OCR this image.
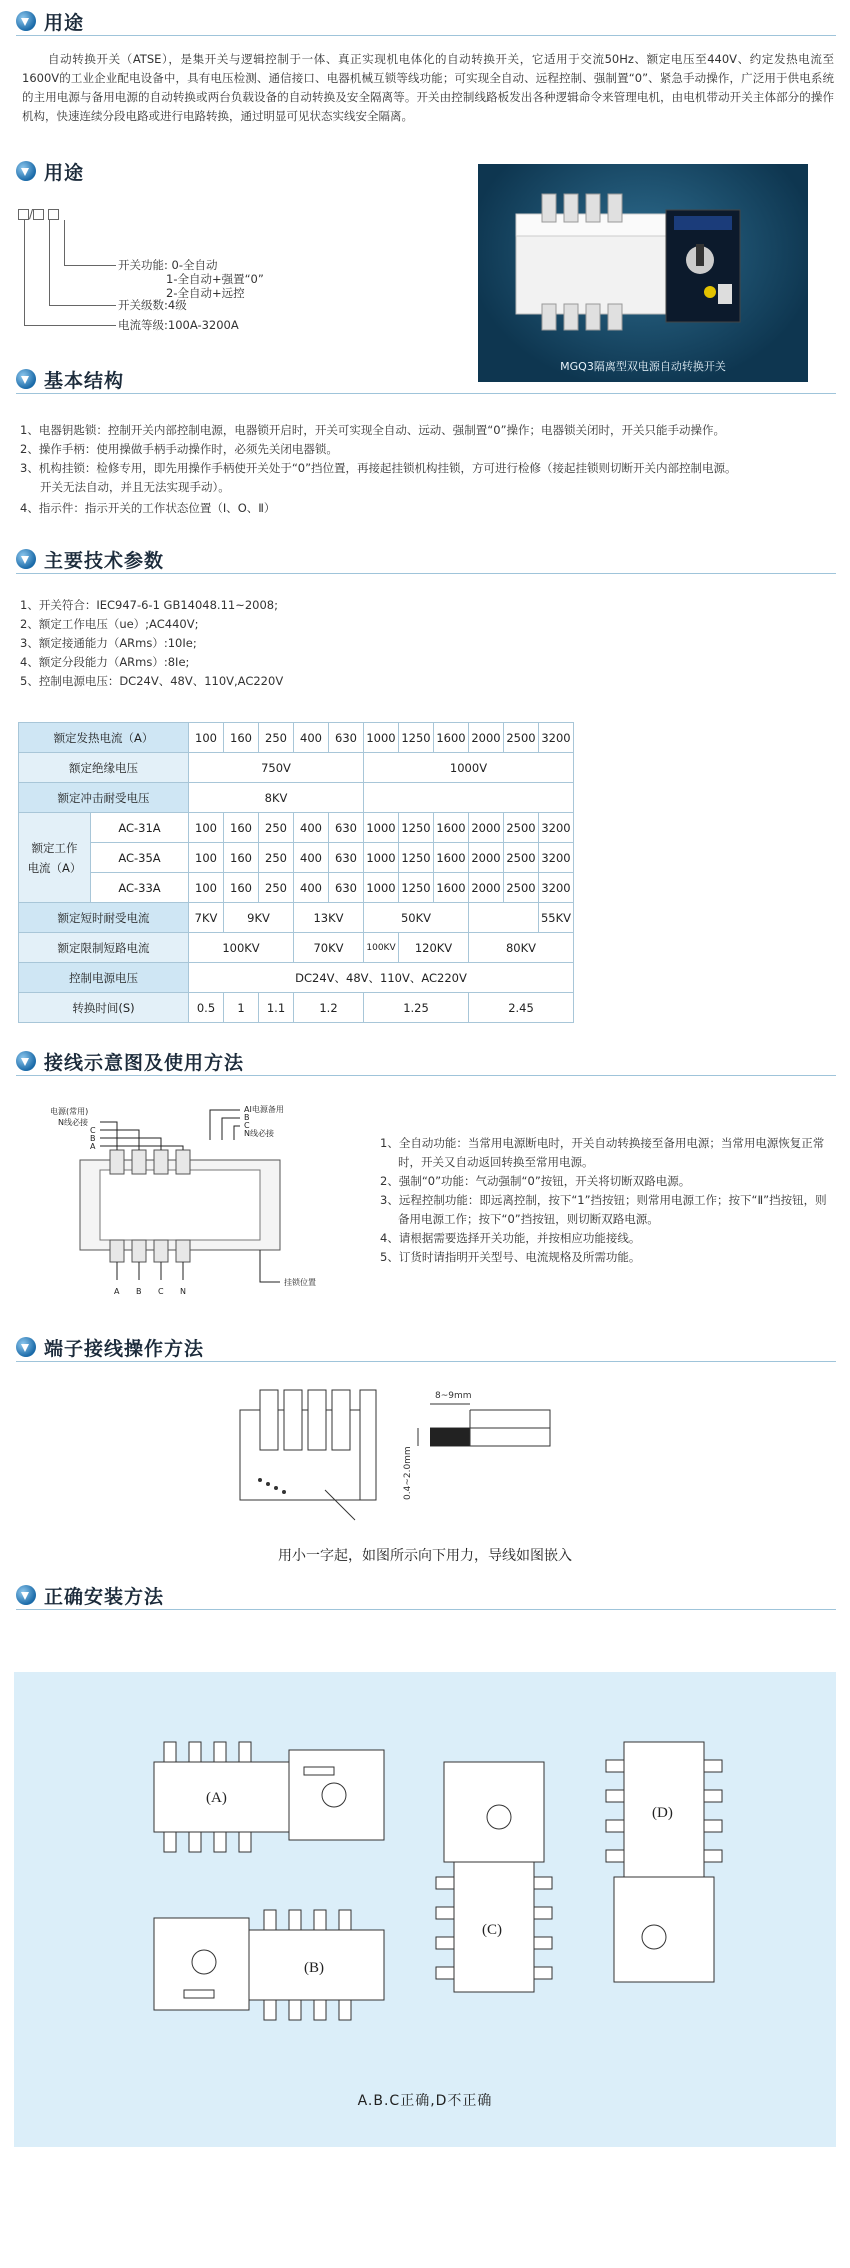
用途
自动转换开关（ATSE），是集开关与逻辑控制于一体、真正实现机电体化的自动转换开关，它适用于交流50Hz、额定电压至440V、约定发热电流至1600V的工业企业配电设备中，具有电压检测、通信接口、电器机械互锁等线功能；可实现全自动、远程控制、强制置“0”、紧急手动操作，广泛用于供电系统的主用电源与备用电源的自动转换或两台负载设备的自动转换及安全隔离等。开关由控制线路板发出各种逻辑命令来管理电机，由电机带动开关主体部分的操作机构，快速连续分段电路或进行电路转换，通过明显可见状态实线安全隔离。
用途
/
开关功能: 0-全自动
1-全自动+强置“0”
2-全自动+远控
开关级数:4级
电流等级:100A-3200A
MGQ3隔离型双电源自动转换开关
基本结构
1、电器钥匙锁：控制开关内部控制电源，电器锁开启时，开关可实现全自动、远动、强制置“0”操作；电器锁关闭时，开关只能手动操作。
2、操作手柄：使用操做手柄手动操作时，必须先关闭电器锁。
3、机构挂锁：检修专用，即先用操作手柄使开关处于“0”挡位置，再接起挂锁机构挂锁，方可进行检修（接起挂锁则切断开关内部控制电源。
开关无法自动，并且无法实现手动）。
4、指示件：指示开关的工作状态位置（Ⅰ、O、Ⅱ）
主要技术参数
1、开关符合：IEC947-6-1 GB14048.11~2008;
2、额定工作电压（ue）;AC440V;
3、额定接通能力（ARms）:10Ie;
4、额定分段能力（ARms）:8Ie;
5、控制电源电压：DC24V、48V、110V,AC220V
额定发热电流（A）		100	160	250	400	630	1000	1250	1600	2000	2500	3200
额定绝缘电压		750V					1000V					
额定冲击耐受电压		8KV										
额定工作电流（A）	AC-31A	100	160	250	400	630	1000	1250	1600	2000	2500	3200
	AC-35A	100	160	250	400	630	1000	1250	1600	2000	2500	3200
	AC-33A	100	160	250	400	630	1000	1250	1600	2000	2500	3200
额定短时耐受电流		7KV	9KV		13KV		50KV					55KV
额定限制短路电流		100KV			70KV		100KV	120KV		80KV		
控制电源电压		DC24V、48V、110V、AC220V										
转换时间(S)		0.5	1	1.1	1.2		1.25			2.45		
接线示意图及使用方法
电源(常用)	AI电源备用
B
C
N线必接
N线必接
C
B
A
A B C N
挂锁位置
1、全自动功能：当常用电源断电时，开关自动转换接至备用电源；当常用电源恢复正常时，开关又自动返回转换至常用电源。
2、强制“0”功能：气动强制“0”按钮，开关将切断双路电源。
3、远程控制功能：即远离控制，按下“1”挡按钮；则常用电源工作；按下“Ⅱ”挡按钮，则备用电源工作；按下“0”挡按钮，则切断双路电源。
4、请根据需要选择开关功能，并按相应功能接线。
5、订货时请指明开关型号、电流规格及所需功能。
端子接线操作方法
8~9mm
0.4~2.0mm
用小一字起，如图所示向下用力，导线如图嵌入
正确安装方法
(A)
(B)
(C)
(D)
A.B.C正确,D不正确
